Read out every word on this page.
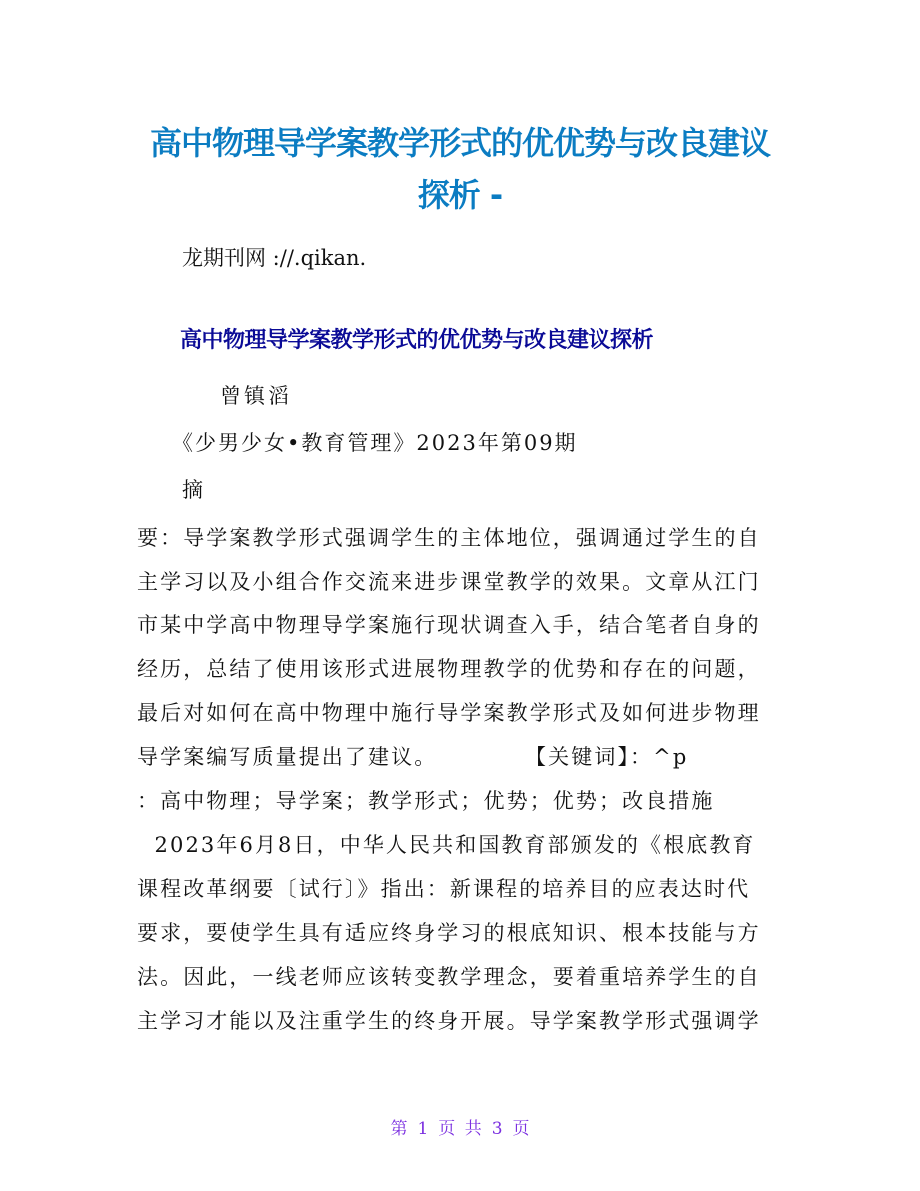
高中物理导学案教学形式的优优势与改良建议
探析 -
龙期刊网 ://.qikan.
高中物理导学案教学形式的优优势与改良建议探析
曾镇滔
《少男少女•教育管理》2023年第09期
摘
要：导学案教学形式强调学生的主体地位，强调通过学生的自
主学习以及小组合作交流来进步课堂教学的效果。文章从江门
市某中学高中物理导学案施行现状调查入手，结合笔者自身的
经历，总结了使用该形式进展物理教学的优势和存在的问题，
最后对如何在高中物理中施行导学案教学形式及如何进步物理
导学案编写质量提出了建议。          【关键词】：^p
：高中物理；导学案；教学形式；优势；优势；改良措施
2023年6月8日，中华人民共和国教育部颁发的《根底教育
课程改革纲要〔试行〕》指出：新课程的培养目的应表达时代
要求，要使学生具有适应终身学习的根底知识、根本技能与方
法。因此，一线老师应该转变教学理念，要着重培养学生的自
主学习才能以及注重学生的终身开展。导学案教学形式强调学
第 1 页 共 3 页
